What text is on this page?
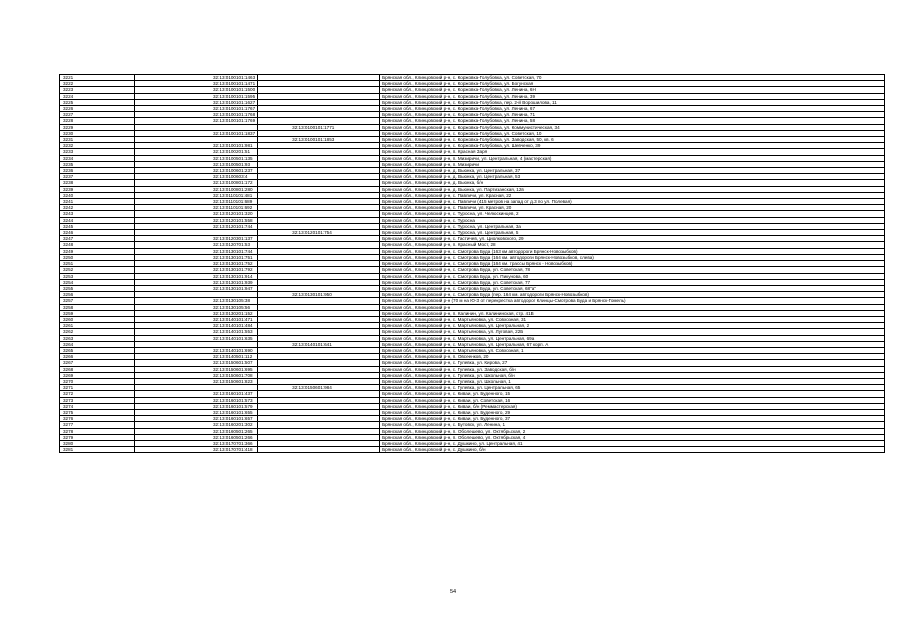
3221	32:13:0100101:1463		Брянская обл., Клинцовский р-н, с. Коржовка-Голубовка, ул. Советская, 70
3222	32:13:0100101:1471		Брянская обл., Клинцовский р-н, с. Коржовка-Голубовка, ул. Богунская
3223	32:13:0100101:1500		Брянская обл., Клинцовский р-н, с. Коржовка-Голубовка, ул. Ленина, 6Н
3224	32:13:0100101:1595		Брянская обл., Клинцовский р-н, с. Коржовка-Голубовка, ул. Ленина, 39
3225	32:13:0100101:1627		Брянская обл., Клинцовский р-н, с. Коржовка-Голубовка, пер. 2-й Ворошилова, 11
3226	32:13:0100101:1767		Брянская обл., Клинцовский р-н, с. Коржовка-Голубовка, ул. Ленина, 67
3227	32:13:0100101:1768		Брянская обл., Клинцовский р-н, с. Коржовка-Голубовка, ул. Ленина, 71
3228	32:13:0100101:1769		Брянская обл., Клинцовский р-н, с. Коржовка-Голубовка, ул. Ленина, 58
3229		32:13:0100101:1771	Брянская обл., Клинцовский р-н, с. Коржовка-Голубовка, ул. Коммунистическая, 34
3230	32:13:0100101:1837		Брянская обл., Клинцовский р-н, с. Коржовка-Голубовка, ул. Советская, 10
3231		32:13:0100101:1853	Брянская обл., Клинцовский р-н, с. Коржовка-Голубовка, ул. Заводская, 50, кв. 6
3232	32:13:0100101:981		Брянская обл., Клинцовский р-н, с. Коржовка-Голубовка, ул. Шевченко, 39
3233	32:13:0100201:51		Брянская обл., Клинцовский р-н, п. Красная Заря
3234	32:13:0100501:135		Брянская обл., Клинцовский р-н, п. Мизиричи, ул. Центральная, 4 (мастерская)
3235	32:13:0100501:93		Брянская обл., Клинцовский р-н, п. Мизиричи
3236	32:13:0100601:237		Брянская обл., Клинцовский р-н, д. Вьюнка, ул. Центральная, 37
3237	32:13:0100603:4		Брянская обл., Клинцовский р-н, д. Вьюнка, ул. Центральная, 53
3238	32:13:0100801:172		Брянская обл., Клинцовский р-н, д. Вьюнка, б/н
3239	32:13:0100801:280		Брянская обл., Клинцовский р-н, д. Вьюнка, ул. Партизанская, 12в
3240	32:13:0110101:481		Брянская обл., Клинцовский р-н, с. Павличи, ул. Красная, 22
3241	32:13:0110101:689		Брянская обл., Клинцовский р-н, с. Павличи (415 метров на запад от д.3 по ул. Полевая)
3242	32:13:0110101:692		Брянская обл., Клинцовский р-н, с. Павличи, ул. Красная, 20
3243	32:13:0120101:320		Брянская обл., Клинцовский р-н, с. Туросна, ул. Челюскинцев, 2
3244	32:13:0120101:558		Брянская обл., Клинцовский р-н, с. Туросна
3245	32:13:0120101:744		Брянская обл., Клинцовский р-н, с. Туросна, ул. Центральная, 3а
3246		32:13:0120101:754	Брянская обл., Клинцовский р-н, с. Туросна, ул. Центральная, 5
3247	32:13:0120301:137		Брянская обл., Клинцовский р-н, с. Гастичев, ул. Циолковского, 29
3248	32:13:0120701:53		Брянская обл., Клинцовский р-н, п. Красный Мост, 28
3249	32:13:0130101:744		Брянская обл., Клинцовский р-н, с. Смотрова Буда (163 км автодороги Брянск-Новозыбков)
3250	32:13:0130101:751		Брянская обл., Клинцовский р-н, с. Смотрова Буда (164 км. автодороги Брянск-Новозыбков, слева)
3251	32:13:0130101:752		Брянская обл., Клинцовский р-н, с. Смотрова Буда (164 км. трассы Брянск - Новозыбков)
3252	32:13:0130101:792		Брянская обл., Клинцовский р-н, с. Смотрова Буда, ул. Советская, 78
3253	32:13:0130101:914		Брянская обл., Клинцовский р-н, с. Смотрова Буда, ул. Пикунова, 60
3254	32:13:0130101:939		Брянская обл., Клинцовский р-н, с. Смотрова Буда, ул. Советская, 77
3255	32:13:0130101:947		Брянская обл., Клинцовский р-н, с. Смотрова Буда, ул. Советская, 68"а"
3256		32:13:0130101:950	Брянская обл., Клинцовский р-н, с. Смотрова Буда (пер. 164 км. автодороги Брянск-Новозыбков)
3257	32:13:0130105:38		Брянская обл., Клинцовский р-н (70 м на Ю-З от перекрестка автодорог Клинцы-Смотрова Буда и Брянск-Гомель)
3258	32:13:0130105:56		Брянская обл., Клинцовский р-н
3259	32:13:0130201:152		Брянская обл., Клинцовский р-н, п. Калинин, ул. Калининская, стр. 41В
3260	32:13:0140101:471		Брянская обл., Клинцовский р-н, с. Мартьяновка, ул. Совхозная, 31
3261	32:13:0140101:484		Брянская обл., Клинцовский р-н, с. Мартьяновка, ул. Центральная, 2
3262	32:13:0140101:553		Брянская обл., Клинцовский р-н, с. Мартьяновка, ул. Луговая, 22Б
3263	32:13:0140101:635		Брянская обл., Клинцовский р-н, с. Мартьяновка, ул. Центральная, 69а
3264		32:13:0140101:641	Брянская обл., Клинцовский р-н, с. Мартьяновка, ул. Центральная, 67 корп. А
3265	32:13:0140101:690		Брянская обл., Клинцовский р-н, с. Мартьяновка, ул. Совхозная, 1
3266	32:13:0140501:112		Брянская обл., Клинцовский р-н, п. Овсеенков, 20
3267	32:13:0150601:507		Брянская обл., Клинцовский р-н, с. Гулевка, ул. Кирова, 27
3268	32:13:0150601:695		Брянская обл., Клинцовский р-н, с. Гулевка, ул. Заводская, б/н
3269	32:13:0150601:708		Брянская обл., Клинцовский р-н, с. Гулевка, ул. Школьная, б/н
3270	32:13:0150601:823		Брянская обл., Клинцовский р-н, с. Гулевка, ул. Школьная, 1
3271		32:13:0150601:984	Брянская обл., Клинцовский р-н, с. Гулевка, ул. Центральная, 65
3272	32:13:0160101:437		Брянская обл., Клинцовский р-н, с. Киваи, ул. Буденного, 15
3273	32:13:0160101:573		Брянская обл., Клинцовский р-н, с. Киваи, ул. Советская, 16
3274	32:13:0160101:579		Брянская обл., Клинцовский р-н, с. Киваи, б/н (Реммастерская)
3275	32:13:0160101:655		Брянская обл., Клинцовский р-н, с. Киваи, ул. Буденного, 29
3276	32:13:0160101:657		Брянская обл., Клинцовский р-н, с. Киваи, ул. Буденного, 37
3277	32:13:0160201:302		Брянская обл., Клинцовский р-н, с. Бутовск, ул. Ленина, 1
3278	32:13:0160501:265		Брянская обл., Клинцовский р-н, п. Оболешево, ул. Октябрьская, 2
3279	32:13:0160501:266		Брянская обл., Клинцовский р-н, п. Оболешево, ул. Октябрьская, 4
3280	32:13:0170701:366		Брянская обл., Клинцовский р-н, с. Душкино, ул. Центральная, 41
3281	32:13:0170701:418		Брянская обл., Клинцовский р-н, с. Душкино, б/н
54
